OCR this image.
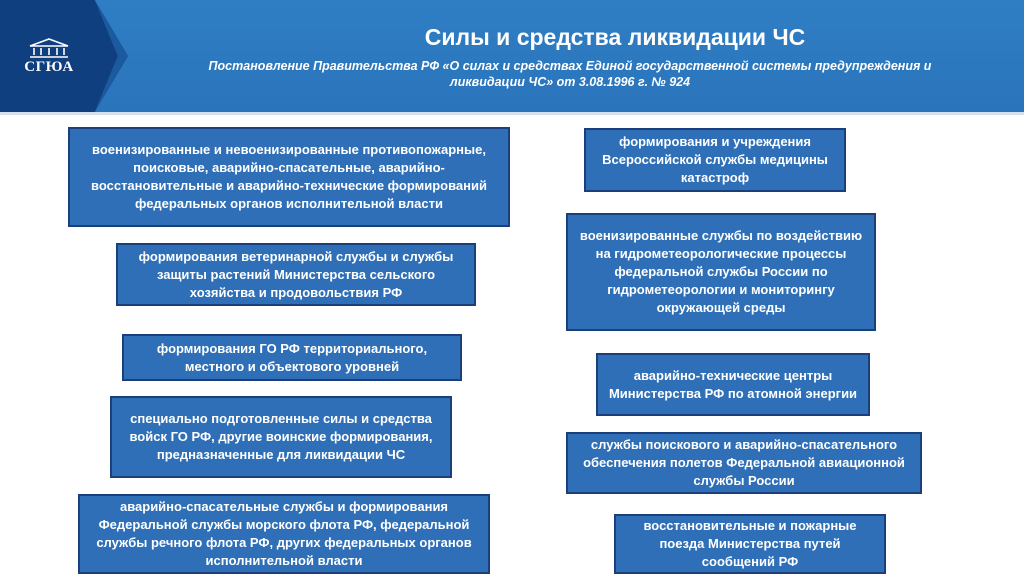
СГЮА
Силы и средства ликвидации ЧС

Постановление Правительства РФ «О силах и средствах Единой государственной системы предупреждения и ликвидации ЧС» от 3.08.1996 г. № 924

военизированные и невоенизированные противопожарные, поисковые, аварийно-спасательные, аварийно-восстановительные и аварийно-технические формирований федеральных органов исполнительной власти
формирования ветеринарной службы и службы защиты растений Министерства сельского хозяйства и продовольствия РФ
формирования ГО РФ территориального, местного и объектового уровней
специально подготовленные силы и средства войск ГО РФ, другие воинские формирования, предназначенные для ликвидации ЧС
аварийно-спасательные службы и формирования Федеральной службы морского флота РФ, федеральной службы речного флота РФ, других федеральных органов исполнительной власти
формирования и учреждения Всероссийской службы медицины катастроф
военизированные службы по воздействию на гидрометеорологические процессы федеральной службы России по гидрометеорологии и мониторингу окружающей среды
аварийно-технические центры Министерства РФ по атомной энергии
службы поискового и аварийно-спасательного обеспечения полетов Федеральной авиационной службы России
восстановительные и пожарные поезда Министерства путей сообщений РФ
